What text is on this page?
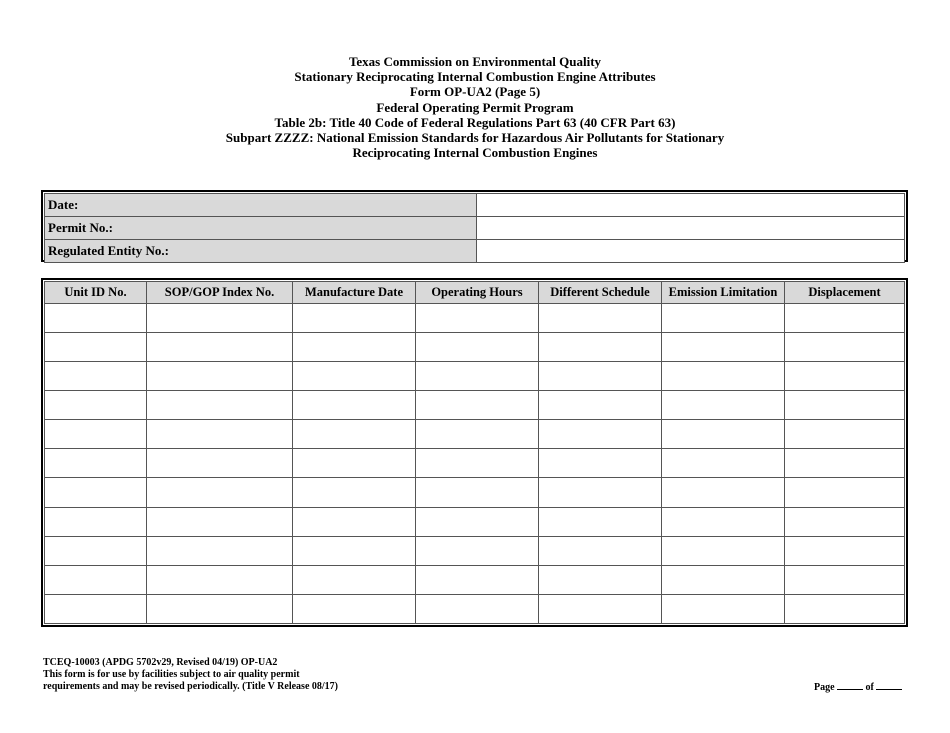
Texas Commission on Environmental Quality
Stationary Reciprocating Internal Combustion Engine Attributes
Form OP-UA2 (Page 5)
Federal Operating Permit Program
Table 2b: Title 40 Code of Federal Regulations Part 63 (40 CFR Part 63)
Subpart ZZZZ: National Emission Standards for Hazardous Air Pollutants for Stationary
Reciprocating Internal Combustion Engines
Date:	
Permit No.:	
Regulated Entity No.:	
Unit ID No.	SOP/GOP Index No.	Manufacture Date	Operating Hours	Different Schedule	Emission Limitation	Displacement

TCEQ-10003 (APDG 5702v29, Revised 04/19) OP-UA2
This form is for use by facilities subject to air quality permit
requirements and may be revised periodically. (Title V Release 08/17)	Page	of
